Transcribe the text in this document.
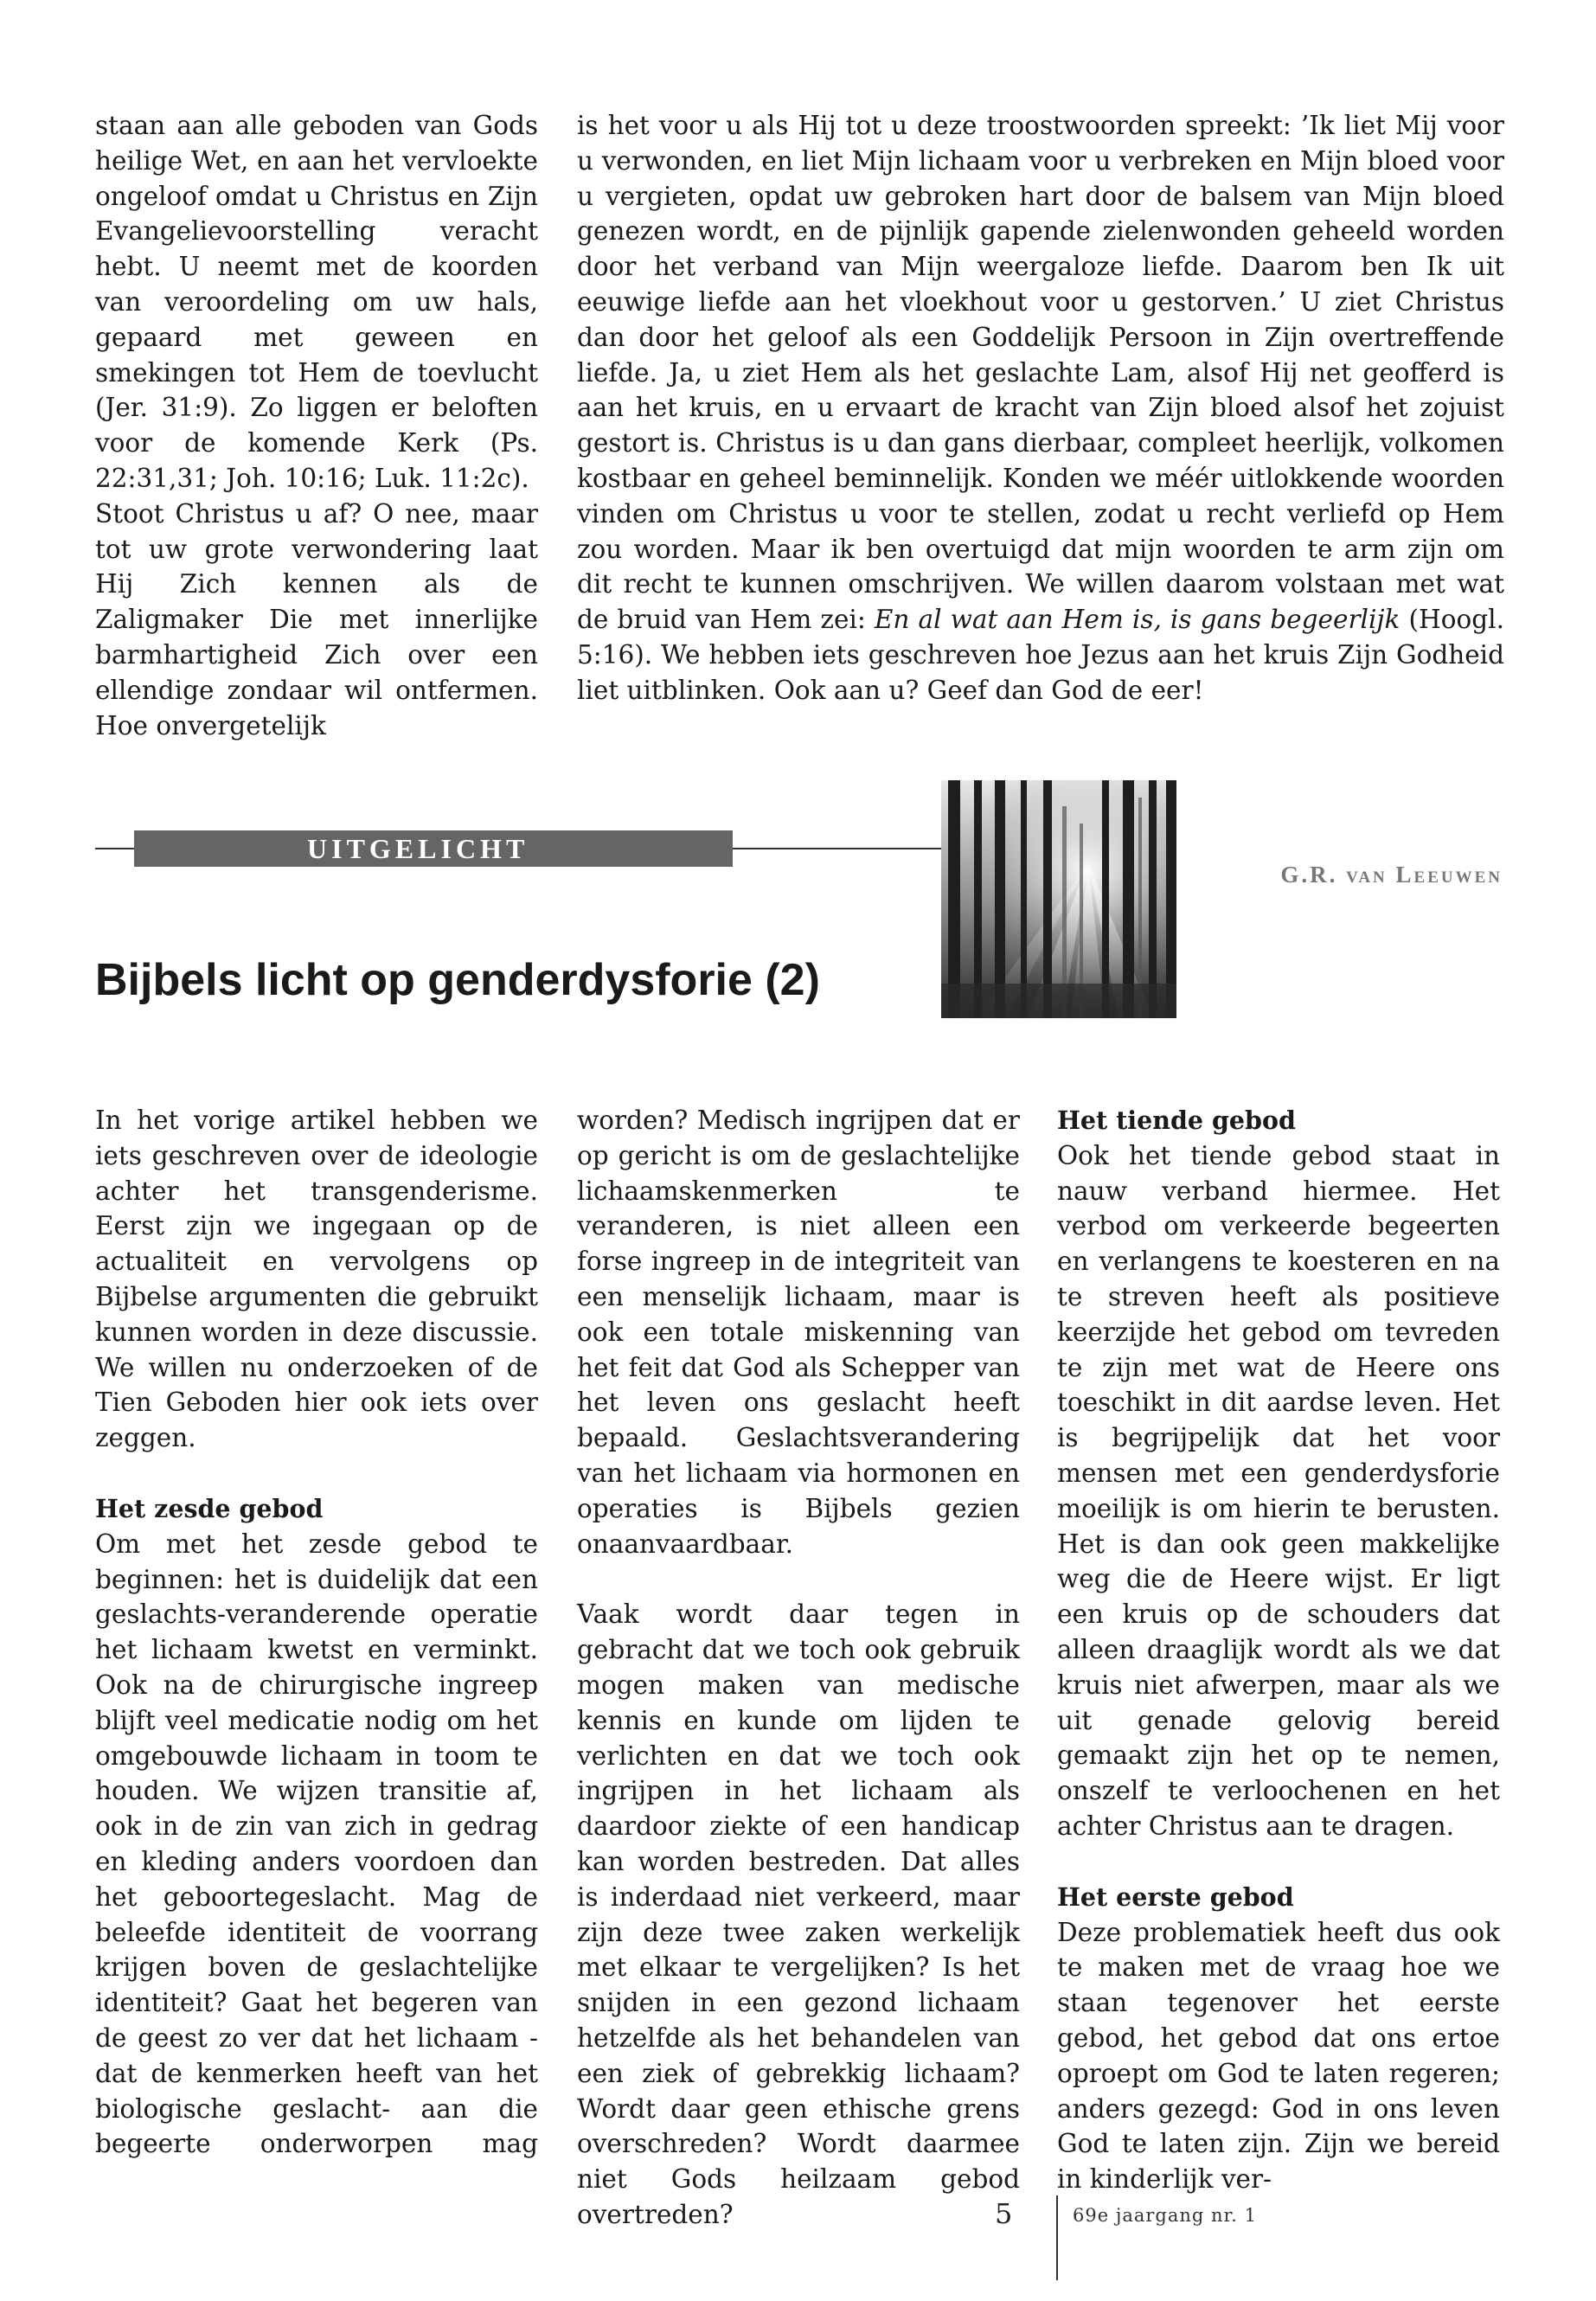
staan aan alle geboden van Gods heilige Wet, en aan het vervloekte ongeloof omdat u Christus en Zijn Evangelievoorstelling veracht hebt. U neemt met de koorden van veroordeling om uw hals, gepaard met geween en smekingen tot Hem de toevlucht (Jer. 31:9). Zo liggen er beloften voor de komende Kerk (Ps. 22:31,31; Joh. 10:16; Luk. 11:2c).

Stoot Christus u af? O nee, maar tot uw grote verwondering laat Hij Zich kennen als de Zaligmaker Die met innerlijke barmhartigheid Zich over een ellendige zondaar wil ontfermen. Hoe onvergetelijk

is het voor u als Hij tot u deze troostwoorden spreekt: ’Ik liet Mij voor u verwonden, en liet Mijn lichaam voor u verbreken en Mijn bloed voor u vergieten, opdat uw gebroken hart door de balsem van Mijn bloed genezen wordt, en de pijnlijk gapende zielenwonden geheeld worden door het verband van Mijn weergaloze liefde. Daarom ben Ik uit eeuwige liefde aan het vloekhout voor u gestorven.’ U ziet Christus dan door het geloof als een Goddelijk Persoon in Zijn overtreffende liefde. Ja, u ziet Hem als het geslachte Lam, alsof Hij net geofferd is aan het kruis, en u ervaart de kracht van Zijn bloed alsof het zojuist gestort is. Christus is u dan gans dierbaar, compleet heerlijk, volkomen kostbaar en geheel beminnelijk. Konden we méér uitlokkende woorden vinden om Christus u voor te stellen, zodat u recht verliefd op Hem zou worden. Maar ik ben overtuigd dat mijn woorden te arm zijn om dit recht te kunnen omschrijven. We willen daarom volstaan met wat de bruid van Hem zei: En al wat aan Hem is, is gans begeerlijk (Hoogl. 5:16). We hebben iets geschreven hoe Jezus aan het kruis Zijn Godheid liet uitblinken. Ook aan u? Geef dan God de eer!

UITGELICHT
G.R. van Leeuwen
Bijbels licht op genderdysforie (2)

In het vorige artikel hebben we iets geschreven over de ideologie achter het transgenderisme. Eerst zijn we ingegaan op de actualiteit en vervolgens op Bijbelse argumenten die gebruikt kunnen worden in deze discussie. We willen nu onderzoeken of de Tien Geboden hier ook iets over zeggen.

Het zesde gebod

Om met het zesde gebod te beginnen: het is duidelijk dat een geslachts-veranderende operatie het lichaam kwetst en verminkt. Ook na de chirurgische ingreep blijft veel medicatie nodig om het omgebouwde lichaam in toom te houden. We wijzen transitie af, ook in de zin van zich in gedrag en kleding anders voordoen dan het geboortegeslacht. Mag de beleefde identiteit de voorrang krijgen boven de geslachtelijke identiteit? Gaat het begeren van de geest zo ver dat het lichaam -dat de kenmerken heeft van het biologische geslacht- aan die begeerte onderworpen mag

worden? Medisch ingrijpen dat er op gericht is om de geslachtelijke lichaamskenmerken te veranderen, is niet alleen een forse ingreep in de integriteit van een menselijk lichaam, maar is ook een totale miskenning van het feit dat God als Schepper van het leven ons geslacht heeft bepaald. Geslachtsverandering van het lichaam via hormonen en operaties is Bijbels gezien onaanvaardbaar.

Vaak wordt daar tegen in gebracht dat we toch ook gebruik mogen maken van medische kennis en kunde om lijden te verlichten en dat we toch ook ingrijpen in het lichaam als daardoor ziekte of een handicap kan worden bestreden. Dat alles is inderdaad niet verkeerd, maar zijn deze twee zaken werkelijk met elkaar te vergelijken? Is het snijden in een gezond lichaam hetzelfde als het behandelen van een ziek of gebrekkig lichaam? Wordt daar geen ethische grens overschreden? Wordt daarmee niet Gods heilzaam gebod overtreden?

Het tiende gebod

Ook het tiende gebod staat in nauw verband hiermee. Het verbod om verkeerde begeerten en verlangens te koesteren en na te streven heeft als positieve keerzijde het gebod om tevreden te zijn met wat de Heere ons toeschikt in dit aardse leven. Het is begrijpelijk dat het voor mensen met een genderdysforie moeilijk is om hierin te berusten. Het is dan ook geen makkelijke weg die de Heere wijst. Er ligt een kruis op de schouders dat alleen draaglijk wordt als we dat kruis niet afwerpen, maar als we uit genade gelovig bereid gemaakt zijn het op te nemen, onszelf te verloochenen en het achter Christus aan te dragen.

Het eerste gebod

Deze problematiek heeft dus ook te maken met de vraag hoe we staan tegenover het eerste gebod, het gebod dat ons ertoe oproept om God te laten regeren; anders gezegd: God in ons leven God te laten zijn. Zijn we bereid in kinderlijk ver-

5	69e jaargang nr. 1
